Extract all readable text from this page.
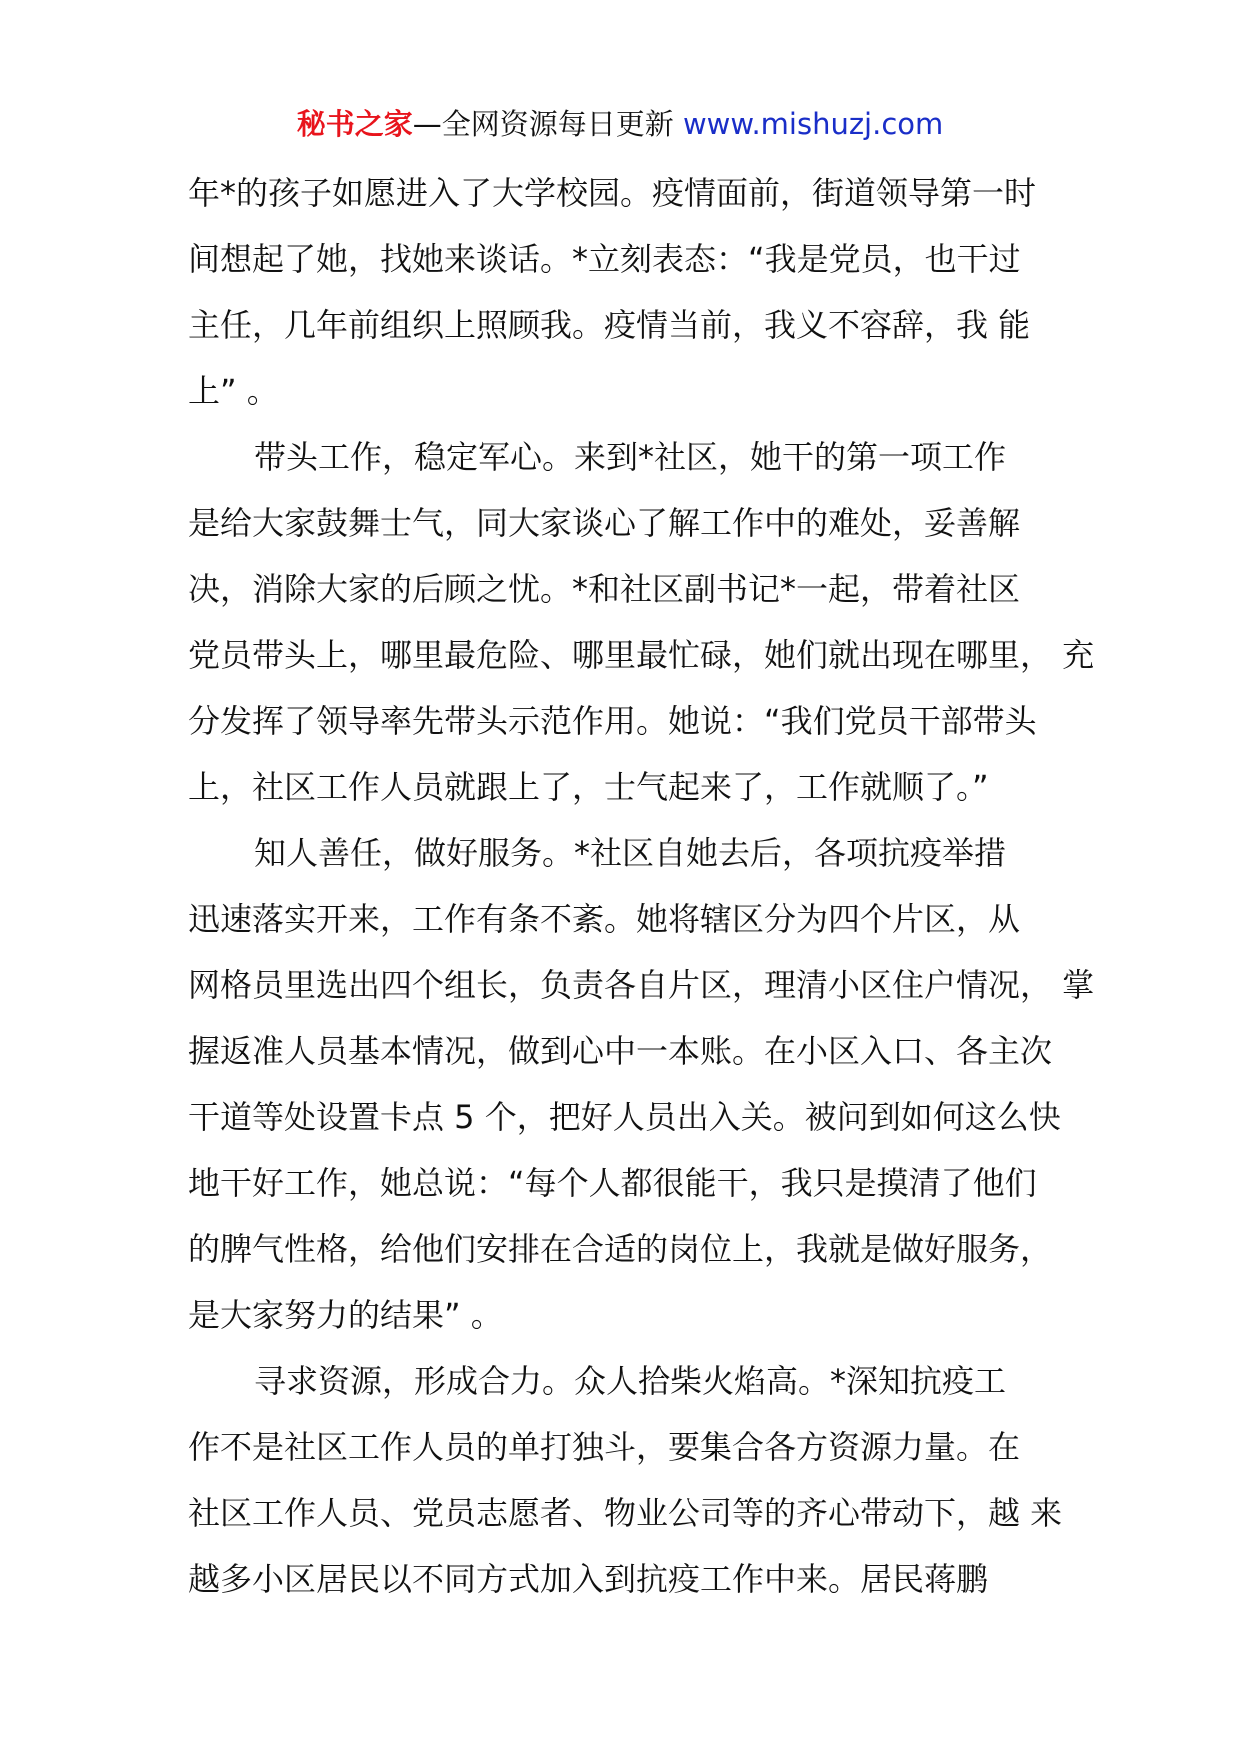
秘书之家—全网资源每日更新 www.mishuzj.com
年*的孩子如愿进入了大学校园。疫情面前，街道领导第一时
间想起了她，找她来谈话。*立刻表态：“我是党员，也干过
主任，几年前组织上照顾我。疫情当前，我义不容辞，我 能
上” 。
带头工作，稳定军心。来到*社区，她干的第一项工作
是给大家鼓舞士气，同大家谈心了解工作中的难处，妥善解
决，消除大家的后顾之忧。*和社区副书记*一起，带着社区
党员带头上，哪里最危险、哪里最忙碌，她们就出现在哪里， 充
分发挥了领导率先带头示范作用。她说：“我们党员干部带头
上，社区工作人员就跟上了，士气起来了，工作就顺了。”
知人善任，做好服务。*社区自她去后，各项抗疫举措
迅速落实开来，工作有条不紊。她将辖区分为四个片区，从
网格员里选出四个组长，负责各自片区，理清小区住户情况， 掌
握返准人员基本情况，做到心中一本账。在小区入口、各主次
干道等处设置卡点 5 个，把好人员出入关。被问到如何这么快
地干好工作，她总说：“每个人都很能干，我只是摸清了他们
的脾气性格，给他们安排在合适的岗位上，我就是做好服务，
是大家努力的结果” 。
寻求资源，形成合力。众人拾柴火焰高。*深知抗疫工
作不是社区工作人员的单打独斗，要集合各方资源力量。在
社区工作人员、党员志愿者、物业公司等的齐心带动下，越 来
越多小区居民以不同方式加入到抗疫工作中来。居民蒋鹏
